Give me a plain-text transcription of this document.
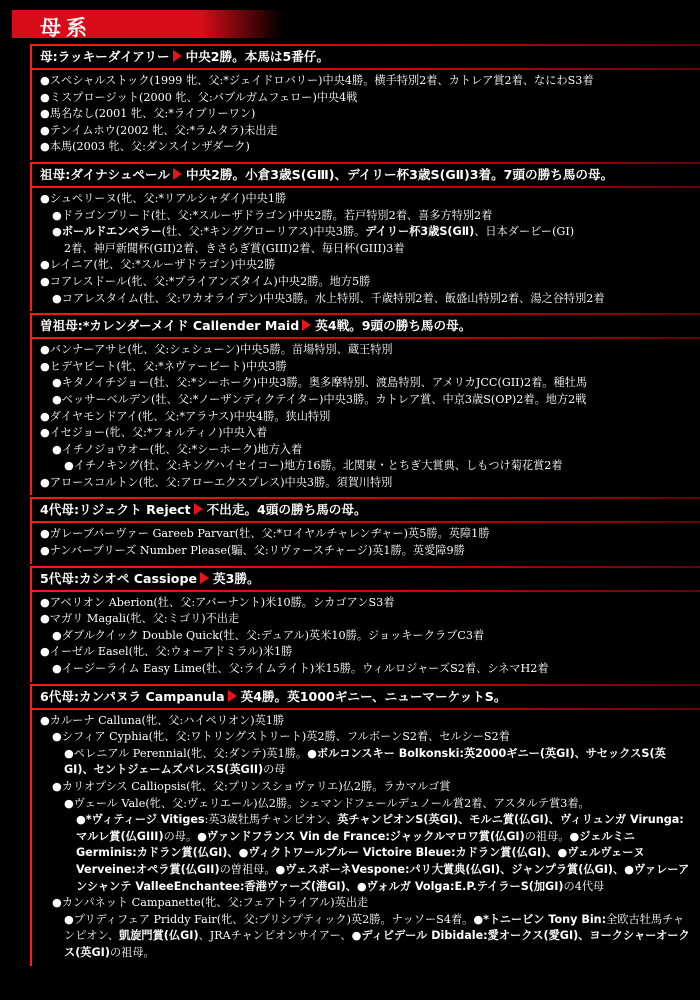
母系
母:ラッキーダイアリー 中央2勝。本馬は5番仔。
●スペシャルストック(1999 牝、父:*ジェイドロバリー)中央4勝。横手特別2着、カトレア賞2着、なにわS3着
●ミスプロージット(2000 牝、父:バブルガムフェロー)中央4戦
●馬名なし(2001 牝、父:*ライブリーワン)
●テンイムホウ(2002 牝、父:*ラムタラ)未出走
●本馬(2003 牝、父:ダンスインザダーク)
祖母:ダイナシュペール 中央2勝。小倉3歳S(GⅢ)、デイリー杯3歳S(GⅡ)3着。7頭の勝ち馬の母。
●シュペリーヌ(牝、父:*リアルシャダイ)中央1勝
●ドラゴンブリード(牡、父:*スルーザドラゴン)中央2勝。若戸特別2着、喜多方特別2着
●ボールドエンペラー(牡、父:*キンググローリアス)中央3勝。デイリー杯3歳S(GⅡ)、日本ダービー(GI)
2着、神戸新聞杯(GII)2着、きさらぎ賞(GIII)2着、毎日杯(GIII)3着
●レイニア(牝、父:*スルーザドラゴン)中央2勝
●コアレスドール(牝、父:*ブライアンズタイム)中央2勝。地方5勝
●コアレスタイム(牡、父:ワカオライデン)中央3勝。水上特別、千歳特別2着、飯盛山特別2着、湯之谷特別2着
曽祖母:*カレンダーメイド Callender Maid 英4戦。9頭の勝ち馬の母。
●バンナーアサヒ(牝、父:シェシューン)中央5勝。苗場特別、蔵王特別
●ヒデヤビート(牝、父:*ネヴァービート)中央3勝
●キタノイチジョー(牡、父:*シーホーク)中央3勝。奥多摩特別、渡島特別、アメリカJCC(GII)2着。種牡馬
●ベッサーベルデン(牡、父:*ノーザンディクテイター)中央3勝。カトレア賞、中京3歳S(OP)2着。地方2戦
●ダイヤモンドアイ(牝、父:*アラナス)中央4勝。狭山特別
●イセジョー(牝、父:*フォルティノ)中央入着
●イチノジョウオー(牝、父:*シーホーク)地方入着
●イチノキング(牡、父:キングハイセイコー)地方16勝。北関東・とちぎ大賞典、しもつけ菊花賞2着
●アロースコルトン(牝、父:アローエクスプレス)中央3勝。須賀川特別
4代母:リジェクト Reject 不出走。4頭の勝ち馬の母。
●ガレーブパーヴァー Gareeb Parvar(牡、父:*ロイヤルチャレンヂャー)英5勝。英障1勝
●ナンバープリーズ Number Please(騸、父:リヴァースチャージ)英1勝。英愛障9勝
5代母:カシオペ Cassiope 英3勝。
●アベリオン Aberion(牡、父:アバーナント)米10勝。シカゴアンS3着
●マガリ Magali(牝、父:ミゴリ)不出走
●ダブルクイック Double Quick(牡、父:デュアル)英米10勝。ジョッキークラブC3着
●イーゼル Easel(牝、父:ウォーアドミラル)米1勝
●イージーライム Easy Lime(牡、父:ライムライト)米15勝。ウィルロジャーズS2着、シネマH2着
6代母:カンパヌラ Campanula 英4勝。英1000ギニー、ニューマーケットS。
●カルーナ Calluna(牝、父:ハイペリオン)英1勝
●シフィア Cyphia(牝、父:ワトリングストリート)英2勝、フルボーンS2着、セルシーS2着
●ペレニアル Perennial(牝、父:ダンテ)英1勝。●ボルコンスキー Bolkonski:英2000ギニー(英GI)、サセックスS(英GI)、セントジェームズパレスS(英GII)の母
●カリオプシス Calliopsis(牝、父:プリンスショヴァリエ)仏2勝。ラカマルゴ賞
●ヴェール Vale(牝、父:ヴェリエール)仏2勝。シェマンドフェールデュノール賞2着、アスタルテ賞3着。
●*ヴィティージ Vitiges:英3歳牡馬チャンピオン、英チャンピオンS(英GI)、モルニ賞(仏GI)、ヴィリュンガ Virunga:マルレ賞(仏GIII)の母。●ヴァンドフランス Vin de France:ジャックルマロワ賞(仏GI)の祖母。●ジェルミニ Germinis:カドラン賞(仏GI)、●ヴィクトワールブルー Victoire Bleue:カドラン賞(仏GI)、●ヴェルヴェーヌ Verveine:オペラ賞(仏GII)の曽祖母。●ヴェスボーネVespone:パリ大賞典(仏GI)、ジャンプラ賞(仏GI)、●ヴァレーアンシャンテ ValleeEnchantee:香港ヴァーズ(港GI)、●ヴォルガ Volga:E.P.テイラーS(加GI)の4代母
●カンパネット Campanette(牝、父:フェアトライアル)英出走
●プリディフェア Priddy Fair(牝、父:プリシプティック)英2勝。ナッソーS4着。●*トニービン Tony Bin:全欧古牡馬チャンピオン、凱旋門賞(仏GI)、JRAチャンピオンサイアー、●ディビデール Dibidale:愛オークス(愛GI)、ヨークシャーオークス(英GI)の祖母。
